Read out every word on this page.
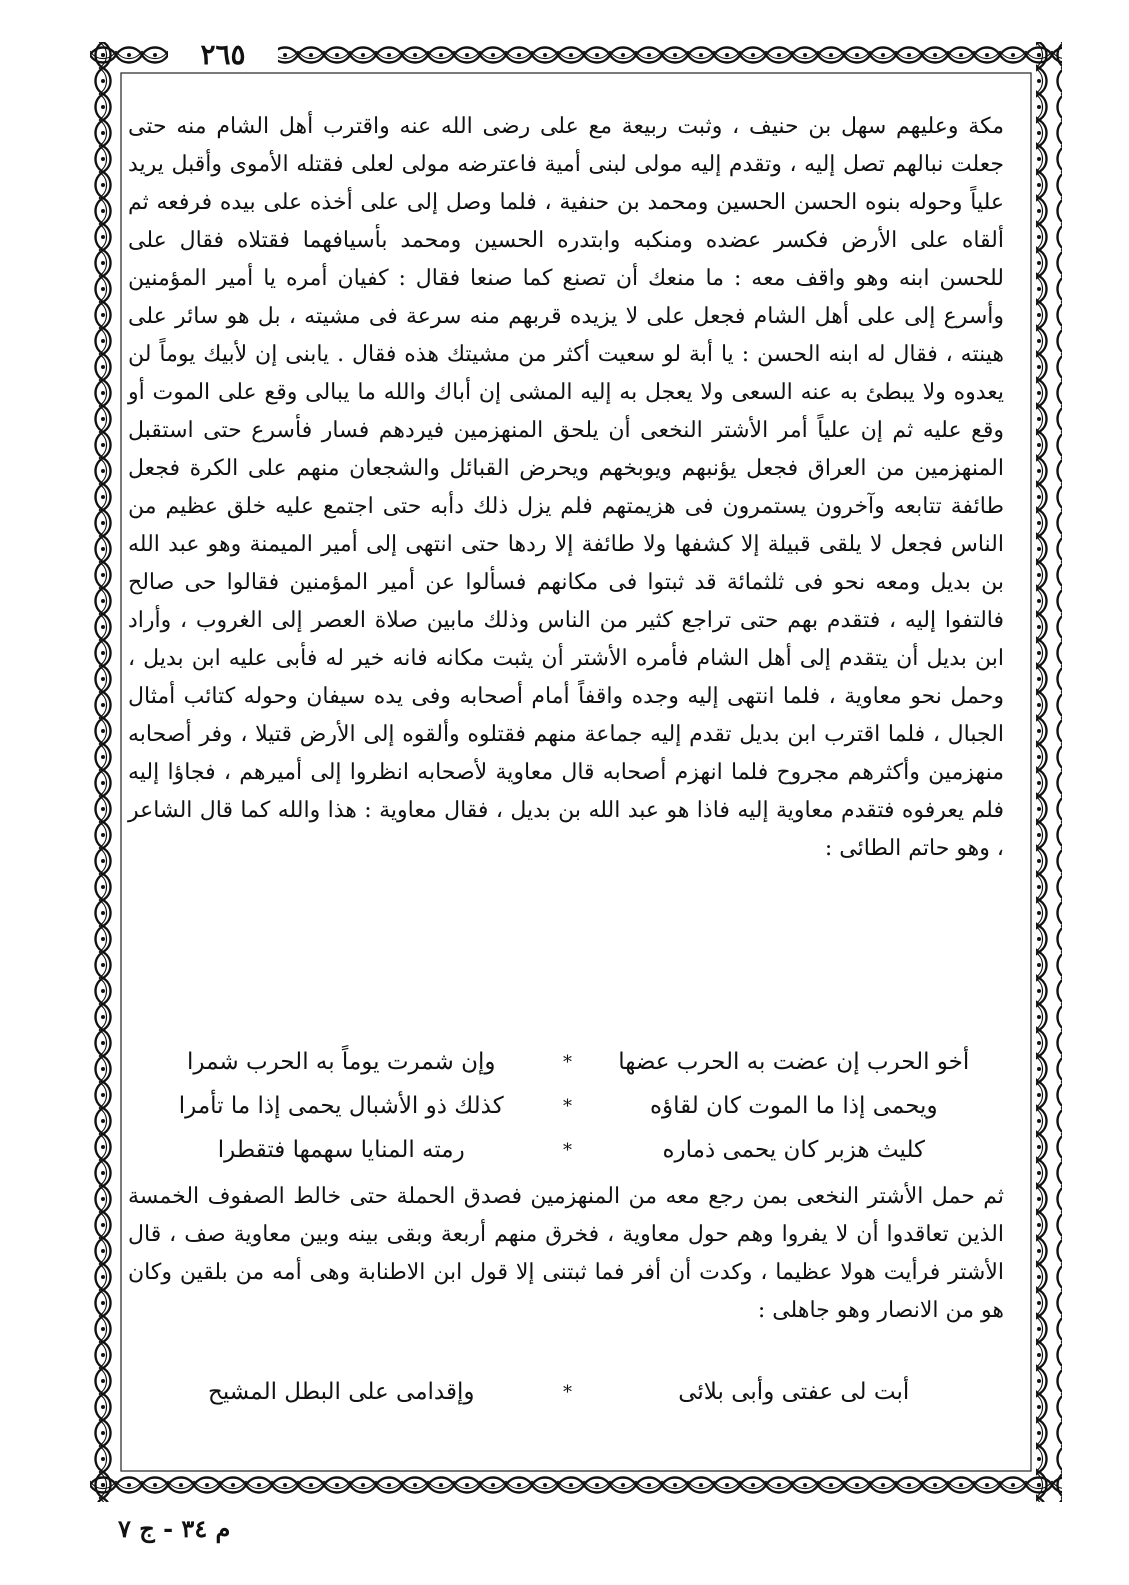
٢٦٥

مكة وعليهم سهل بن حنيف ، وثبت ربيعة مع على رضى الله عنه واقترب أهل الشام منه حتى جعلت نبالهم تصل إليه ، وتقدم إليه مولى لبنى أمية فاعترضه مولى لعلى فقتله الأموى وأقبل يريد علياً وحوله بنوه الحسن الحسين ومحمد بن حنفية ، فلما وصل إلى على أخذه على بيده فرفعه ثم ألقاه على الأرض فكسر عضده ومنكبه وابتدره الحسين ومحمد بأسيافهما فقتلاه فقال على للحسن ابنه وهو واقف معه : ما منعك أن تصنع كما صنعا فقال : كفيان أمره يا أمير المؤمنين وأسرع إلى على أهل الشام فجعل على لا يزيده قربهم منه سرعة فى مشيته ، بل هو سائر على هينته ، فقال له ابنه الحسن : يا أبة لو سعيت أكثر من مشيتك هذه فقال . يابنى إن لأبيك يوماً لن يعدوه ولا يبطئ به عنه السعى ولا يعجل به إليه المشى إن أباك والله ما يبالى وقع على الموت أو وقع عليه ثم إن علياً أمر الأشتر النخعى أن يلحق المنهزمين فيردهم فسار فأسرع حتى استقبل المنهزمين من العراق فجعل يؤنبهم ويوبخهم ويحرض القبائل والشجعان منهم على الكرة فجعل طائفة تتابعه وآخرون يستمرون فى هزيمتهم فلم يزل ذلك دأبه حتى اجتمع عليه خلق عظيم من الناس فجعل لا يلقى قبيلة إلا كشفها ولا طائفة إلا ردها حتى انتهى إلى أمير الميمنة وهو عبد الله بن بديل ومعه نحو فى ثلثمائة قد ثبتوا فى مكانهم فسألوا عن أمير المؤمنين فقالوا حى صالح فالتفوا إليه ، فتقدم بهم حتى تراجع كثير من الناس وذلك مابين صلاة العصر إلى الغروب ، وأراد ابن بديل أن يتقدم إلى أهل الشام فأمره الأشتر أن يثبت مكانه فانه خير له فأبى عليه ابن بديل ، وحمل نحو معاوية ، فلما انتهى إليه وجده واقفاً أمام أصحابه وفى يده سيفان وحوله كتائب أمثال الجبال ، فلما اقترب ابن بديل تقدم إليه جماعة منهم فقتلوه وألقوه إلى الأرض قتيلا ، وفر أصحابه منهزمين وأكثرهم مجروح فلما انهزم أصحابه قال معاوية لأصحابه انظروا إلى أميرهم ، فجاؤا إليه فلم يعرفوه فتقدم معاوية إليه فاذا هو عبد الله بن بديل ، فقال معاوية : هذا والله كما قال الشاعر ، وهو حاتم الطائى :

أخو الحرب إن عضت به الحرب عضها
*
وإن شمرت يوماً به الحرب شمرا
ويحمى إذا ما الموت كان لقاؤه
*
كذلك ذو الأشبال يحمى إذا ما تأمرا
كليث هزبر كان يحمى ذماره
*
رمته المنايا سهمها فتقطرا

ثم حمل الأشتر النخعى بمن رجع معه من المنهزمين فصدق الحملة حتى خالط الصفوف الخمسة الذين تعاقدوا أن لا يفروا وهم حول معاوية ، فخرق منهم أربعة وبقى بينه وبين معاوية صف ، قال الأشتر فرأيت هولا عظيما ، وكدت أن أفر فما ثبتنى إلا قول ابن الاطنابة وهى أمه من بلقين وكان هو من الانصار وهو جاهلى :

أبت لى عفتى وأبى بلائى
*
وإقدامى على البطل المشيح
م ٣٤ - ج ٧
